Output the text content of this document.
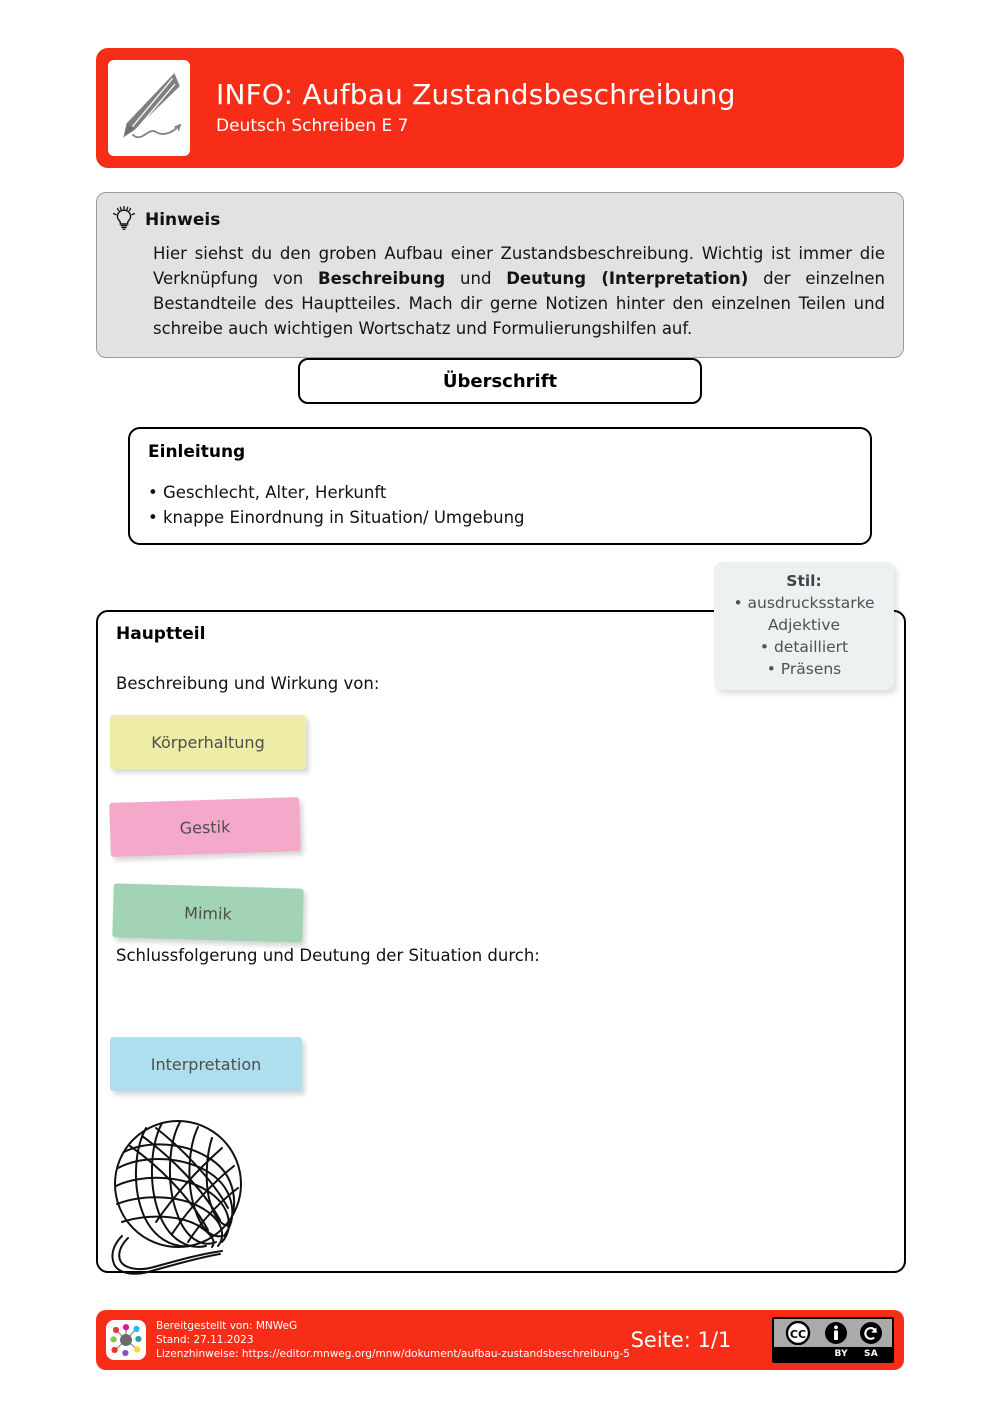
INFO: Aufbau Zustandsbeschreibung
Deutsch Schreiben E 7
Hinweis
Hier siehst du den groben Aufbau einer Zustandsbeschreibung. Wichtig ist immer die Verknüpfung von Beschreibung und Deutung (Interpretation) der einzelnen Bestandteile des Hauptteiles. Mach dir gerne Notizen hinter den einzelnen Teilen und schreibe auch wichtigen Wortschatz und Formulierungshilfen auf.
Überschrift
Einleitung
• Geschlecht, Alter, Herkunft
• knappe Einordnung in Situation/ Umgebung
Hauptteil
Beschreibung und Wirkung von:
Schlussfolgerung und Deutung der Situation durch:
Körperhaltung
Gestik
Mimik
Interpretation
Stil:
• ausdrucksstarke
Adjektive
• detailliert
• Präsens
Bereitgestellt von: MNWeG
Stand: 27.11.2023
Lizenzhinweise: https://editor.mnweg.org/mnw/dokument/aufbau-zustandsbeschreibung-5
Seite: 1/1	CC
BY SA
